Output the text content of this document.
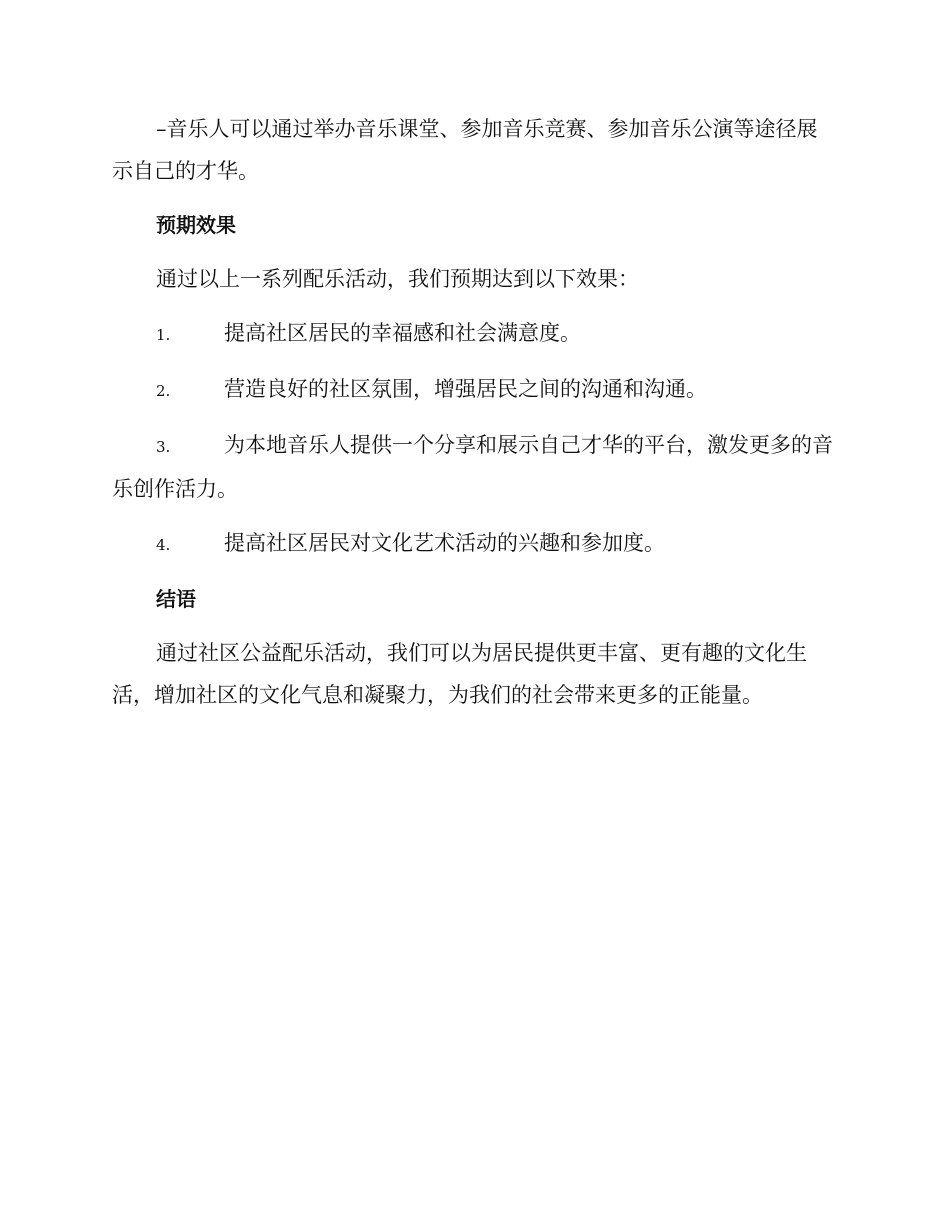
–音乐人可以通过举办音乐课堂、参加音乐竞赛、参加音乐公演等途径展示自己的才华。

预期效果

通过以上一系列配乐活动，我们预期达到以下效果：

1.	提高社区居民的幸福感和社会满意度。
2.	营造良好的社区氛围，增强居民之间的沟通和沟通。
3.	为本地音乐人提供一个分享和展示自己才华的平台，激发更多的音乐创作活力。
4.	提高社区居民对文化艺术活动的兴趣和参加度。
结语

通过社区公益配乐活动，我们可以为居民提供更丰富、更有趣的文化生活，增加社区的文化气息和凝聚力，为我们的社会带来更多的正能量。
